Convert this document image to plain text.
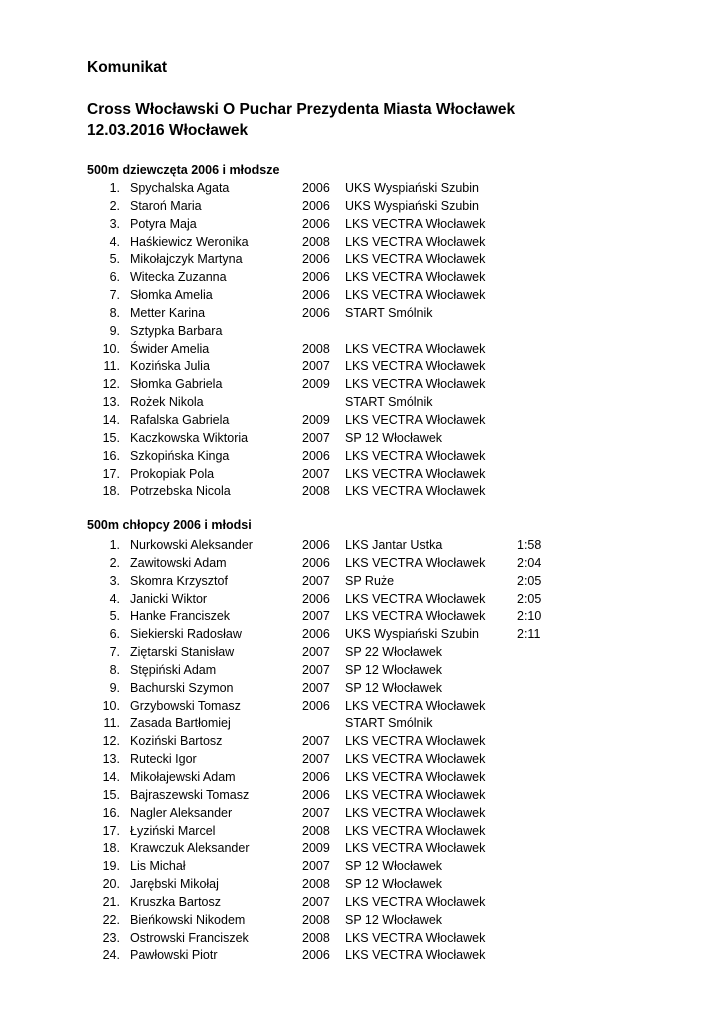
Komunikat
Cross Włocławski O Puchar Prezydenta Miasta Włocławek
12.03.2016 Włocławek
500m dziewczęta 2006 i młodsze
1. Spychalska Agata	2006 UKS Wyspiański Szubin
2. Staroń Maria	2006 UKS Wyspiański Szubin
3. Potyra Maja	2006 LKS VECTRA Włocławek
4. Haśkiewicz Weronika	2008 LKS VECTRA Włocławek
5. Mikołajczyk Martyna	2006 LKS VECTRA Włocławek
6. Witecka Zuzanna	2006 LKS VECTRA Włocławek
7. Słomka Amelia	2006 LKS VECTRA Włocławek
8. Metter Karina	2006 START Smólnik
9. Sztypka Barbara
10. Świder Amelia	2008 LKS VECTRA Włocławek
11. Kozińska Julia	2007 LKS VECTRA Włocławek
12. Słomka Gabriela	2009 LKS VECTRA Włocławek
13. Rożek Nikola	START Smólnik
14. Rafalska Gabriela	2009 LKS VECTRA Włocławek
15. Kaczkowska Wiktoria	2007 SP 12 Włocławek
16. Szkopińska Kinga	2006 LKS VECTRA Włocławek
17. Prokopiak Pola	2007 LKS VECTRA Włocławek
18. Potrzebska Nicola	2008 LKS VECTRA Włocławek
500m chłopcy 2006 i młodsi
1. Nurkowski Aleksander	2006 LKS Jantar Ustka	1:58
2. Zawitowski Adam	2006 LKS VECTRA Włocławek	2:04
3. Skomra Krzysztof	2007 SP Ruże	2:05
4. Janicki Wiktor	2006 LKS VECTRA Włocławek	2:05
5. Hanke Franciszek	2007 LKS VECTRA Włocławek	2:10
6. Siekierski Radosław	2006 UKS Wyspiański Szubin	2:11
7. Ziętarski Stanisław	2007 SP 22 Włocławek
8. Stępiński Adam	2007 SP 12 Włocławek
9. Bachurski Szymon	2007 SP 12 Włocławek
10. Grzybowski Tomasz	2006 LKS VECTRA Włocławek
11. Zasada Bartłomiej	START Smólnik
12. Koziński Bartosz	2007 LKS VECTRA Włocławek
13. Rutecki Igor	2007 LKS VECTRA Włocławek
14. Mikołajewski Adam	2006 LKS VECTRA Włocławek
15. Bajraszewski Tomasz	2006 LKS VECTRA Włocławek
16. Nagler Aleksander	2007 LKS VECTRA Włocławek
17. Łyziński Marcel	2008 LKS VECTRA Włocławek
18. Krawczuk Aleksander	2009 LKS VECTRA Włocławek
19. Lis Michał	2007 SP 12 Włocławek
20. Jarębski Mikołaj	2008 SP 12 Włocławek
21. Kruszka Bartosz	2007 LKS VECTRA Włocławek
22. Bieńkowski Nikodem	2008 SP 12 Włocławek
23. Ostrowski Franciszek	2008 LKS VECTRA Włocławek
24. Pawłowski Piotr	2006 LKS VECTRA Włocławek
